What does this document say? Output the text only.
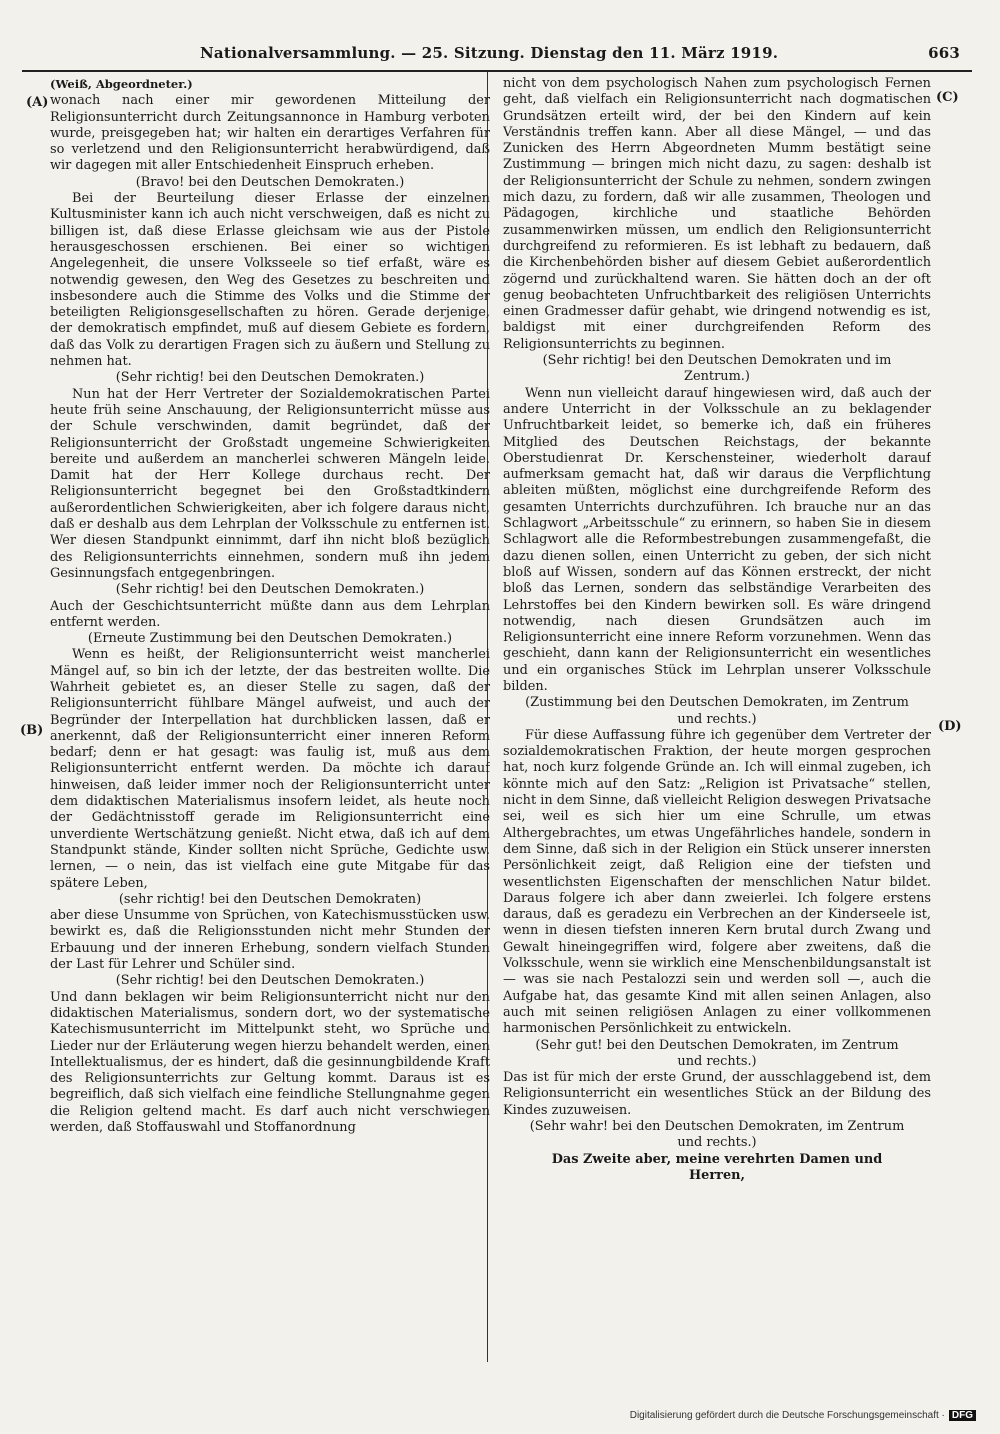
Nationalversammlung. — 25. Sitzung. Dienstag den 11. März 1919.	663
(A)
(B)
(C)
(D)
(Weiß, Abgeordneter.)

wonach nach einer mir gewordenen Mitteilung der Religionsunterricht durch Zeitungsannonce in Hamburg verboten wurde, preisgegeben hat; wir halten ein derartiges Verfahren für so verletzend und den Religionsunterricht herabwürdigend, daß wir dagegen mit aller Entschiedenheit Einspruch erheben.

(Bravo! bei den Deutschen Demokraten.)

Bei der Beurteilung dieser Erlasse der einzelnen Kultusminister kann ich auch nicht verschweigen, daß es nicht zu billigen ist, daß diese Erlasse gleichsam wie aus der Pistole herausgeschossen erschienen. Bei einer so wichtigen Angelegenheit, die unsere Volksseele so tief erfaßt, wäre es notwendig gewesen, den Weg des Gesetzes zu beschreiten und insbesondere auch die Stimme des Volks und die Stimme der beteiligten Religionsgesellschaften zu hören. Gerade derjenige, der demokratisch empfindet, muß auf diesem Gebiete es fordern, daß das Volk zu derartigen Fragen sich zu äußern und Stellung zu nehmen hat.

(Sehr richtig! bei den Deutschen Demokraten.)

Nun hat der Herr Vertreter der Sozialdemokratischen Partei heute früh seine Anschauung, der Religionsunterricht müsse aus der Schule verschwinden, damit begründet, daß der Religionsunterricht der Großstadt ungemeine Schwierigkeiten bereite und außerdem an mancherlei schweren Mängeln leide. Damit hat der Herr Kollege durchaus recht. Der Religionsunterricht begegnet bei den Großstadtkindern außerordentlichen Schwierigkeiten, aber ich folgere daraus nicht, daß er deshalb aus dem Lehrplan der Volksschule zu entfernen ist. Wer diesen Standpunkt einnimmt, darf ihn nicht bloß bezüglich des Religionsunterrichts einnehmen, sondern muß ihn jedem Gesinnungsfach entgegenbringen.

(Sehr richtig! bei den Deutschen Demokraten.)

Auch der Geschichtsunterricht müßte dann aus dem Lehrplan entfernt werden.

(Erneute Zustimmung bei den Deutschen Demokraten.)

Wenn es heißt, der Religionsunterricht weist mancherlei Mängel auf, so bin ich der letzte, der das bestreiten wollte. Die Wahrheit gebietet es, an dieser Stelle zu sagen, daß der Religionsunterricht fühlbare Mängel aufweist, und auch der Begründer der Interpellation hat durchblicken lassen, daß er anerkennt, daß der Religionsunterricht einer inneren Reform bedarf; denn er hat gesagt: was faulig ist, muß aus dem Religionsunterricht entfernt werden. Da möchte ich darauf hinweisen, daß leider immer noch der Religionsunterricht unter dem didaktischen Materialismus insofern leidet, als heute noch der Gedächtnisstoff gerade im Religionsunterricht eine unverdiente Wertschätzung genießt. Nicht etwa, daß ich auf dem Standpunkt stände, Kinder sollten nicht Sprüche, Gedichte usw. lernen, — o nein, das ist vielfach eine gute Mitgabe für das spätere Leben,

(sehr richtig! bei den Deutschen Demokraten)

aber diese Unsumme von Sprüchen, von Katechismusstücken usw. bewirkt es, daß die Religionsstunden nicht mehr Stunden der Erbauung und der inneren Erhebung, sondern vielfach Stunden der Last für Lehrer und Schüler sind.

(Sehr richtig! bei den Deutschen Demokraten.)

Und dann beklagen wir beim Religionsunterricht nicht nur den didaktischen Materialismus, sondern dort, wo der systematische Katechismusunterricht im Mittelpunkt steht, wo Sprüche und Lieder nur der Erläuterung wegen hierzu behandelt werden, einen Intellektualismus, der es hindert, daß die gesinnungbildende Kraft des Religionsunterrichts zur Geltung kommt. Daraus ist es begreiflich, daß sich vielfach eine feindliche Stellungnahme gegen die Religion geltend macht. Es darf auch nicht verschwiegen werden, daß Stoffauswahl und Stoffanordnung

nicht von dem psychologisch Nahen zum psychologisch Fernen geht, daß vielfach ein Religionsunterricht nach dogmatischen Grundsätzen erteilt wird, der bei den Kindern auf kein Verständnis treffen kann. Aber all diese Mängel, — und das Zunicken des Herrn Abgeordneten Mumm bestätigt seine Zustimmung — bringen mich nicht dazu, zu sagen: deshalb ist der Religionsunterricht der Schule zu nehmen, sondern zwingen mich dazu, zu fordern, daß wir alle zusammen, Theologen und Pädagogen, kirchliche und staatliche Behörden zusammenwirken müssen, um endlich den Religionsunterricht durchgreifend zu reformieren. Es ist lebhaft zu bedauern, daß die Kirchenbehörden bisher auf diesem Gebiet außerordentlich zögernd und zurückhaltend waren. Sie hätten doch an der oft genug beobachteten Unfruchtbarkeit des religiösen Unterrichts einen Gradmesser dafür gehabt, wie dringend notwendig es ist, baldigst mit einer durchgreifenden Reform des Religionsunterrichts zu beginnen.

(Sehr richtig! bei den Deutschen Demokraten und im Zentrum.)

Wenn nun vielleicht darauf hingewiesen wird, daß auch der andere Unterricht in der Volksschule an zu beklagender Unfruchtbarkeit leidet, so bemerke ich, daß ein früheres Mitglied des Deutschen Reichstags, der bekannte Oberstudienrat Dr. Kerschensteiner, wiederholt darauf aufmerksam gemacht hat, daß wir daraus die Verpflichtung ableiten müßten, möglichst eine durchgreifende Reform des gesamten Unterrichts durchzuführen. Ich brauche nur an das Schlagwort „Arbeitsschule“ zu erinnern, so haben Sie in diesem Schlagwort alle die Reformbestrebungen zusammengefaßt, die dazu dienen sollen, einen Unterricht zu geben, der sich nicht bloß auf Wissen, sondern auf das Können erstreckt, der nicht bloß das Lernen, sondern das selbständige Verarbeiten des Lehrstoffes bei den Kindern bewirken soll. Es wäre dringend notwendig, nach diesen Grundsätzen auch im Religionsunterricht eine innere Reform vorzunehmen. Wenn das geschieht, dann kann der Religionsunterricht ein wesentliches und ein organisches Stück im Lehrplan unserer Volksschule bilden.

(Zustimmung bei den Deutschen Demokraten, im Zentrum und rechts.)

Für diese Auffassung führe ich gegenüber dem Vertreter der sozialdemokratischen Fraktion, der heute morgen gesprochen hat, noch kurz folgende Gründe an. Ich will einmal zugeben, ich könnte mich auf den Satz: „Religion ist Privatsache“ stellen, nicht in dem Sinne, daß vielleicht Religion deswegen Privatsache sei, weil es sich hier um eine Schrulle, um etwas Althergebrachtes, um etwas Ungefährliches handele, sondern in dem Sinne, daß sich in der Religion ein Stück unserer innersten Persönlichkeit zeigt, daß Religion eine der tiefsten und wesentlichsten Eigenschaften der menschlichen Natur bildet. Daraus folgere ich aber dann zweierlei. Ich folgere erstens daraus, daß es geradezu ein Verbrechen an der Kinderseele ist, wenn in diesen tiefsten inneren Kern brutal durch Zwang und Gewalt hineingegriffen wird, folgere aber zweitens, daß die Volksschule, wenn sie wirklich eine Menschenbildungsanstalt ist — was sie nach Pestalozzi sein und werden soll —, auch die Aufgabe hat, das gesamte Kind mit allen seinen Anlagen, also auch mit seinen religiösen Anlagen zu einer vollkommenen harmonischen Persönlichkeit zu entwickeln.

(Sehr gut! bei den Deutschen Demokraten, im Zentrum und rechts.)

Das ist für mich der erste Grund, der ausschlaggebend ist, dem Religionsunterricht ein wesentliches Stück an der Bildung des Kindes zuzuweisen.

(Sehr wahr! bei den Deutschen Demokraten, im Zentrum und rechts.)

Das Zweite aber, meine verehrten Damen und Herren,

Digitalisierung gefördert durch die Deutsche Forschungsgemeinschaft · DFG
